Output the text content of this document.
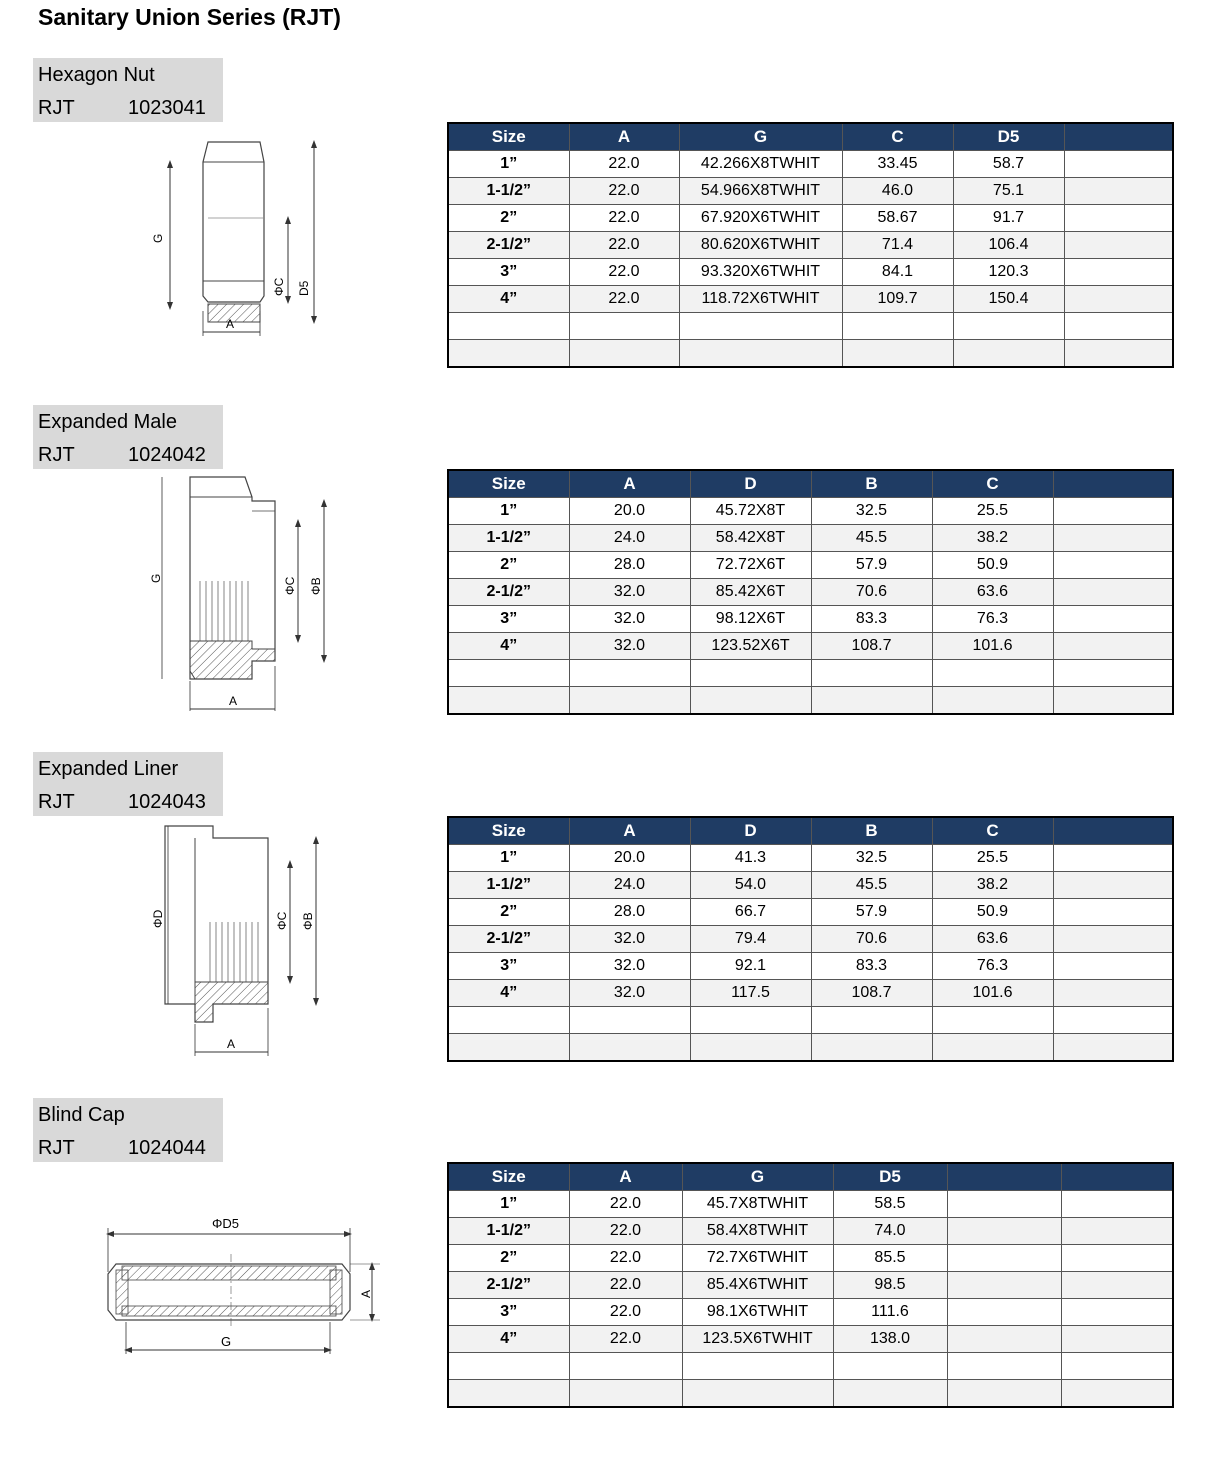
Sanitary Union Series (RJT)
Hexagon Nut
RJT	1023041
G
ΦC D5
A
Size	A	G	C	D5	
1”	22.0	42.266X8TWHIT	33.45	58.7	
1-1/2”	22.0	54.966X8TWHIT	46.0	75.1	
2”	22.0	67.920X6TWHIT	58.67	91.7	
2-1/2”	22.0	80.620X6TWHIT	71.4	106.4	
3”	22.0	93.320X6TWHIT	84.1	120.3	
4”	22.0	118.72X6TWHIT	109.7	150.4	

Expanded Male
RJT	1024042
G	ΦC ΦB
A
Size	A	D	B	C	
1”	20.0	45.72X8T	32.5	25.5	
1-1/2”	24.0	58.42X8T	45.5	38.2	
2”	28.0	72.72X6T	57.9	50.9	
2-1/2”	32.0	85.42X6T	70.6	63.6	
3”	32.0	98.12X6T	83.3	76.3	
4”	32.0	123.52X6T	108.7	101.6	

Expanded Liner
RJT	1024043
ΦD	ΦC ΦB
A
Size	A	D	B	C	
1”	20.0	41.3	32.5	25.5	
1-1/2”	24.0	54.0	45.5	38.2	
2”	28.0	66.7	57.9	50.9	
2-1/2”	32.0	79.4	70.6	63.6	
3”	32.0	92.1	83.3	76.3	
4”	32.0	117.5	108.7	101.6	

Blind Cap
RJT	1024044
ΦD5
A
G
Size	A	G	D5		
1”	22.0	45.7X8TWHIT	58.5		
1-1/2”	22.0	58.4X8TWHIT	74.0		
2”	22.0	72.7X6TWHIT	85.5		
2-1/2”	22.0	85.4X6TWHIT	98.5		
3”	22.0	98.1X6TWHIT	111.6		
4”	22.0	123.5X6TWHIT	138.0		
